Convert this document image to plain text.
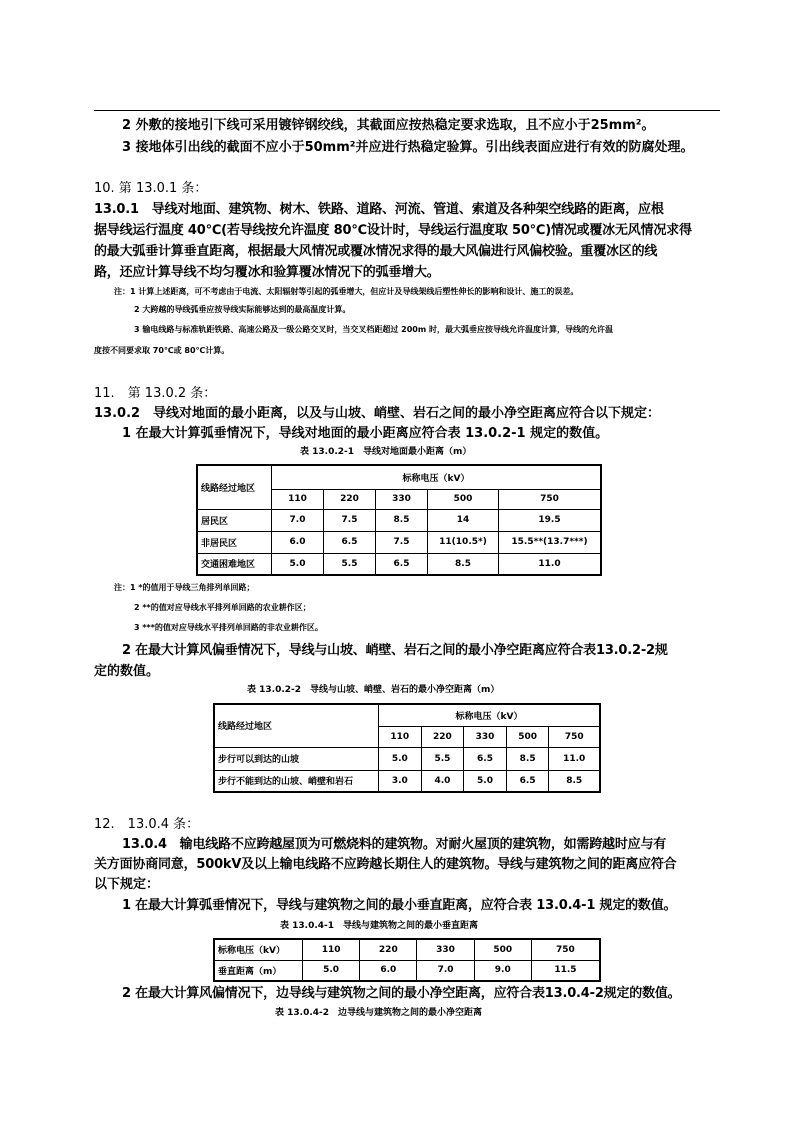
2 外敷的接地引下线可采用镀锌钢绞线，其截面应按热稳定要求选取，且不应小于25mm²。
3 接地体引出线的截面不应小于50mm²并应进行热稳定验算。引出线表面应进行有效的防腐处理。
10. 第 13.0.1 条：
13.0.1　导线对地面、建筑物、树木、铁路、道路、河流、管道、索道及各种架空线路的距离，应根
据导线运行温度 40℃(若导线按允许温度 80℃设计时，导线运行温度取 50℃)情况或覆冰无风情况求得
的最大弧垂计算垂直距离，根据最大风情况或覆冰情况求得的最大风偏进行风偏校验。重覆冰区的线
路，还应计算导线不均匀覆冰和验算覆冰情况下的弧垂增大。
注：1 计算上述距离，可不考虑由于电流、太阳辐射等引起的弧垂增大，但应计及导线架线后塑性伸长的影响和设计、施工的误差。
2 大跨越的导线弧垂应按导线实际能够达到的最高温度计算。
3 输电线路与标准轨距铁路、高速公路及一级公路交叉时，当交叉档距超过 200m 时，最大弧垂应按导线允许温度计算，导线的允许温
度按不同要求取 70℃或 80℃计算。
11.　第 13.0.2 条：
13.0.2　导线对地面的最小距离，以及与山坡、峭壁、岩石之间的最小净空距离应符合以下规定：
1 在最大计算弧垂情况下，导线对地面的最小距离应符合表 13.0.2-1 规定的数值。
表 13.0.2-1　导线对地面最小距离（m）
线路经过地区	标称电压（kV）				
	110	220	330	500	750
居民区	7.0	7.5	8.5	14	19.5
非居民区	6.0	6.5	7.5	11(10.5*)	15.5**(13.7***)
交通困难地区	5.0	5.5	6.5	8.5	11.0
注：1 *的值用于导线三角排列单回路；
2 **的值对应导线水平排列单回路的农业耕作区；
3 ***的值对应导线水平排列单回路的非农业耕作区。
2 在最大计算风偏垂情况下，导线与山坡、峭壁、岩石之间的最小净空距离应符合表13.0.2-2规
定的数值。
表 13.0.2-2　导线与山坡、峭壁、岩石的最小净空距离（m）
线路经过地区	标称电压（kV）				
	110	220	330	500	750
步行可以到达的山坡	5.0	5.5	6.5	8.5	11.0
步行不能到达的山坡、峭壁和岩石	3.0	4.0	5.0	6.5	8.5
12.　13.0.4 条：
13.0.4　输电线路不应跨越屋顶为可燃烧料的建筑物。对耐火屋顶的建筑物，如需跨越时应与有
关方面协商同意，500kV及以上输电线路不应跨越长期住人的建筑物。导线与建筑物之间的距离应符合
以下规定：
1 在最大计算弧垂情况下，导线与建筑物之间的最小垂直距离，应符合表 13.0.4-1 规定的数值。
表 13.0.4-1　导线与建筑物之间的最小垂直距离
标称电压（kV）	110	220	330	500	750
垂直距离（m）	5.0	6.0	7.0	9.0	11.5
2 在最大计算风偏情况下，边导线与建筑物之间的最小净空距离，应符合表13.0.4-2规定的数值。
表 13.0.4-2　边导线与建筑物之间的最小净空距离
